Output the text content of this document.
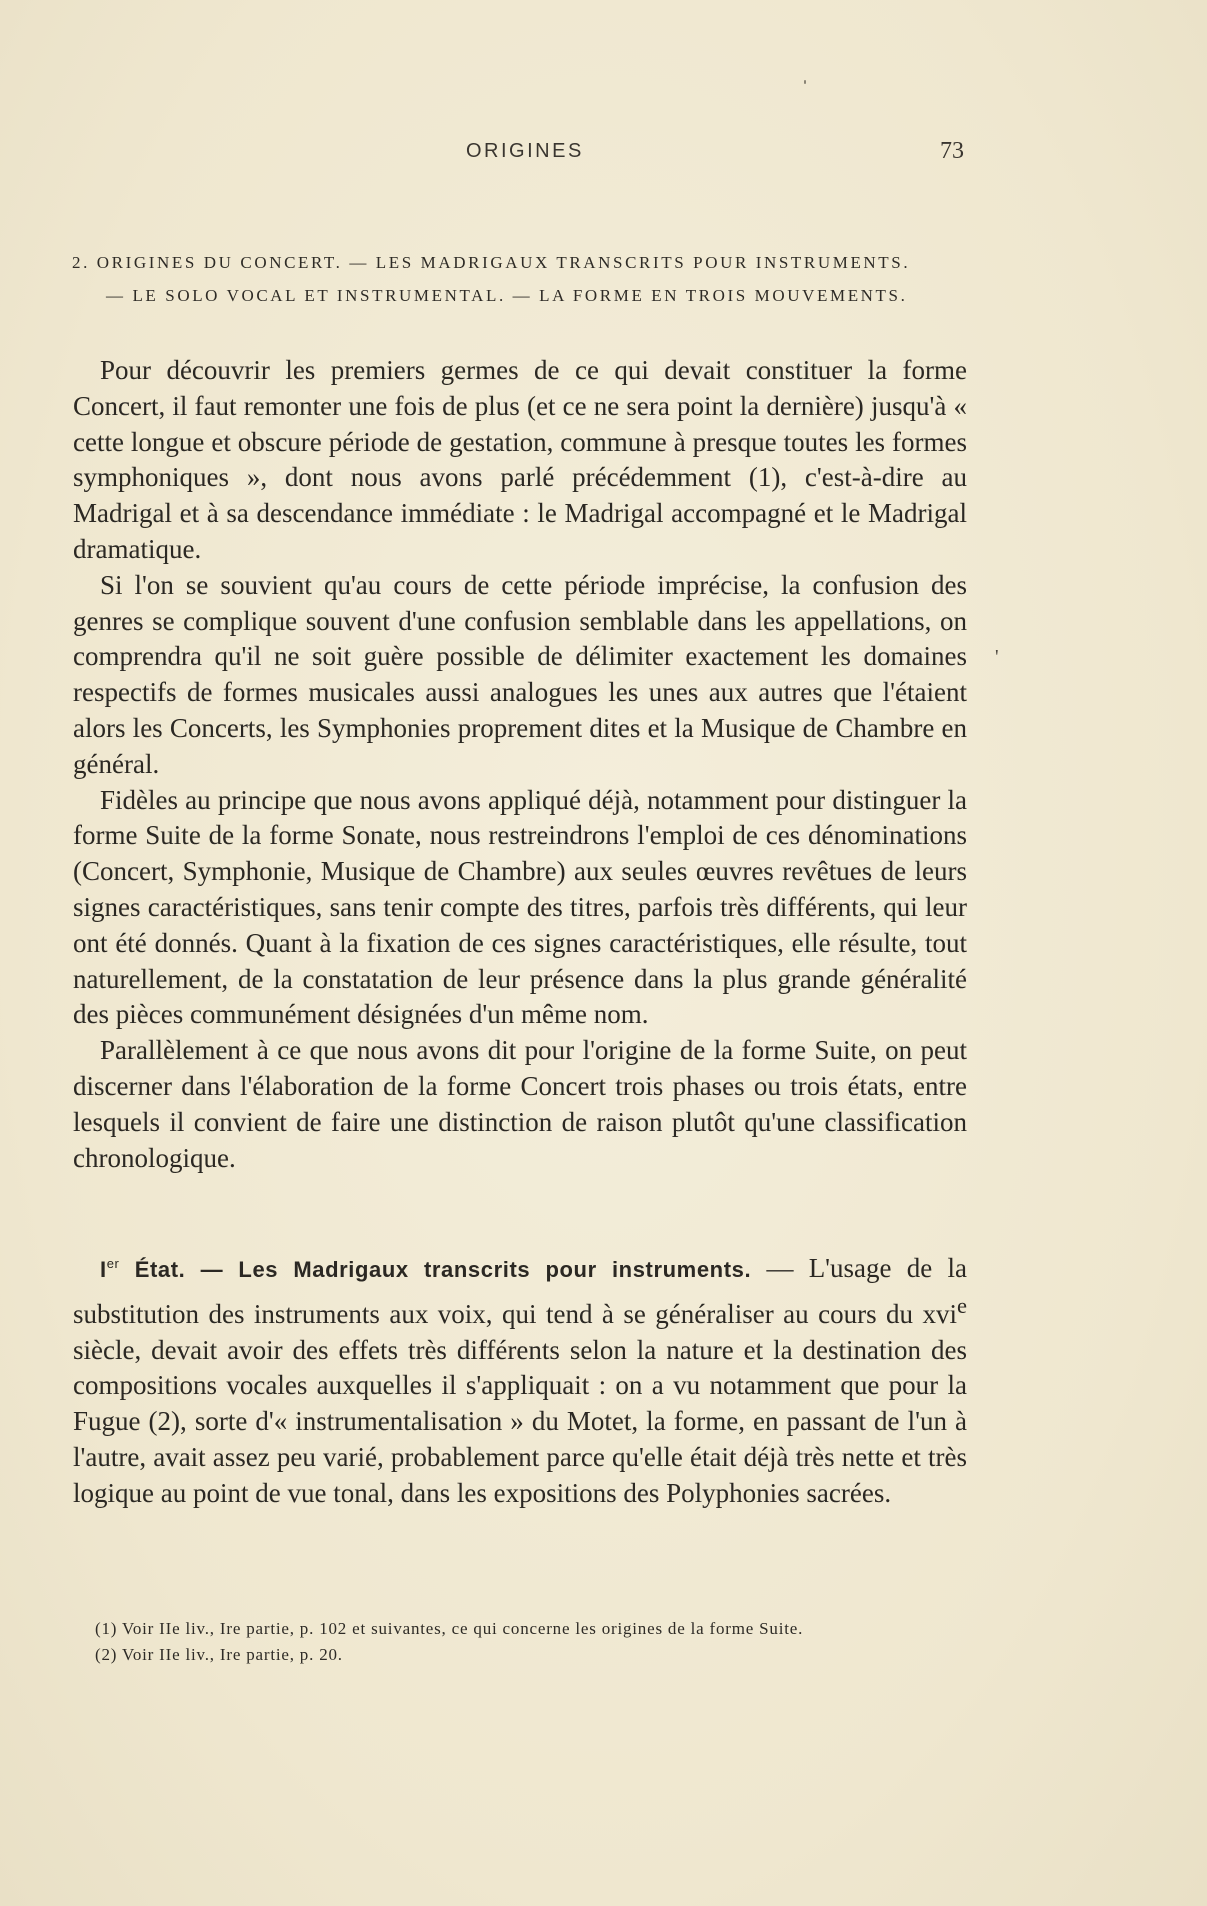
ORIGINES	73
2. ORIGINES DU CONCERT. — LES MADRIGAUX TRANSCRITS POUR INSTRUMENTS.
— LE SOLO VOCAL ET INSTRUMENTAL. — LA FORME EN TROIS MOUVEMENTS.

Pour découvrir les premiers germes de ce qui devait constituer la forme Concert, il faut remonter une fois de plus (et ce ne sera point la dernière) jusqu'à « cette longue et obscure période de gestation, commune à presque toutes les formes symphoniques », dont nous avons parlé précédemment (1), c'est-à-dire au Madrigal et à sa descendance immédiate : le Madrigal accompagné et le Madrigal dramatique.

Si l'on se souvient qu'au cours de cette période imprécise, la confusion des genres se complique souvent d'une confusion semblable dans les appellations, on comprendra qu'il ne soit guère possible de délimiter exactement les domaines respectifs de formes musicales aussi analogues les unes aux autres que l'étaient alors les Concerts, les Symphonies proprement dites et la Musique de Chambre en général.

Fidèles au principe que nous avons appliqué déjà, notamment pour distinguer la forme Suite de la forme Sonate, nous restreindrons l'emploi de ces dénominations (Concert, Symphonie, Musique de Chambre) aux seules œuvres revêtues de leurs signes caractéristiques, sans tenir compte des titres, parfois très différents, qui leur ont été donnés. Quant à la fixation de ces signes caractéristiques, elle résulte, tout naturellement, de la constatation de leur présence dans la plus grande généralité des pièces communément désignées d'un même nom.

Parallèlement à ce que nous avons dit pour l'origine de la forme Suite, on peut discerner dans l'élaboration de la forme Concert trois phases ou trois états, entre lesquels il convient de faire une distinction de raison plutôt qu'une classification chronologique.

'

Ier État. — Les Madrigaux transcrits pour instruments. — L'usage de la substitution des instruments aux voix, qui tend à se généraliser au cours du xvi$^e$ siècle, devait avoir des effets très différents selon la nature et la destination des compositions vocales auxquelles il s'appliquait : on a vu notamment que pour la Fugue (2), sorte d'« instrumentalisation » du Motet, la forme, en passant de l'un à l'autre, avait assez peu varié, probablement parce qu'elle était déjà très nette et très logique au point de vue tonal, dans les expositions des Polyphonies sacrées.

(1) Voir IIe liv., Ire partie, p. 102 et suivantes, ce qui concerne les origines de la forme Suite.

(2) Voir IIe liv., Ire partie, p. 20.
